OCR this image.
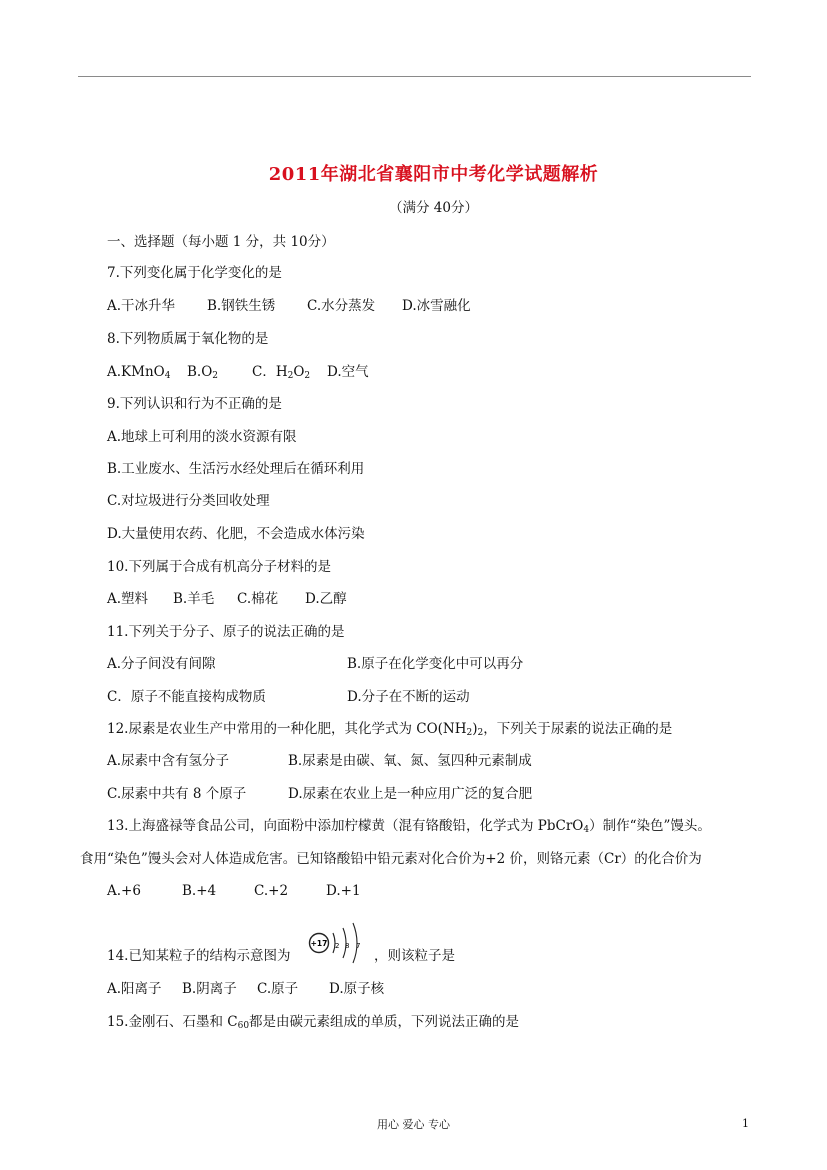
2011年湖北省襄阳市中考化学试题解析
（满分 40分）
一、选择题（每小题 1 分，共 10分）
7.下列变化属于化学变化的是
A.干冰升华 B.钢铁生锈 C.水分蒸发 D.冰雪融化
8.下列物质属于氧化物的是
A.KMnO$_4$ $B.O_2$	C．$H_2O_2$ D.空气
9.下列认识和行为不正确的是
A.地球上可利用的淡水资源有限
B.工业废水、生活污水经处理后在循环利用
C.对垃圾进行分类回收处理
D.大量使用农药、化肥，不会造成水体污染
10.下列属于合成有机高分子材料的是
A.塑料 B.羊毛 C.棉花 D.乙醇
11.下列关于分子、原子的说法正确的是
A.分子间没有间隙	B.原子在化学变化中可以再分
C．原子不能直接构成物质	D.分子在不断的运动
12.尿素是农业生产中常用的一种化肥，其化学式为 $CO(NH_2)_2$，下列关于尿素的说法正确的是
A.尿素中含有氢分子	B.尿素是由碳、氧、氮、氢四种元素制成
C.尿素中共有 8 个原子	D.尿素在农业上是一种应用广泛的复合肥
13.上海盛禄等食品公司，向面粉中添加柠檬黄（混有铬酸铅，化学式为 PbCrO$_4$）制作“染色”馒头。
食用“染色”馒头会对人体造成危害。已知铬酸铅中铅元素对化合价为+2 价，则铬元素（Cr）的化合价为
A.+6	B.+4	C.+2	D.+1
14.已知某粒子的结构示意图为
+17 2 8 7
，则该粒子是
A.阳离子 B.阴离子 C.原子 D.原子核
15.金刚石、石墨和 $C_{60}$都是由碳元素组成的单质，下列说法正确的是
用心 爱心 专心	1
